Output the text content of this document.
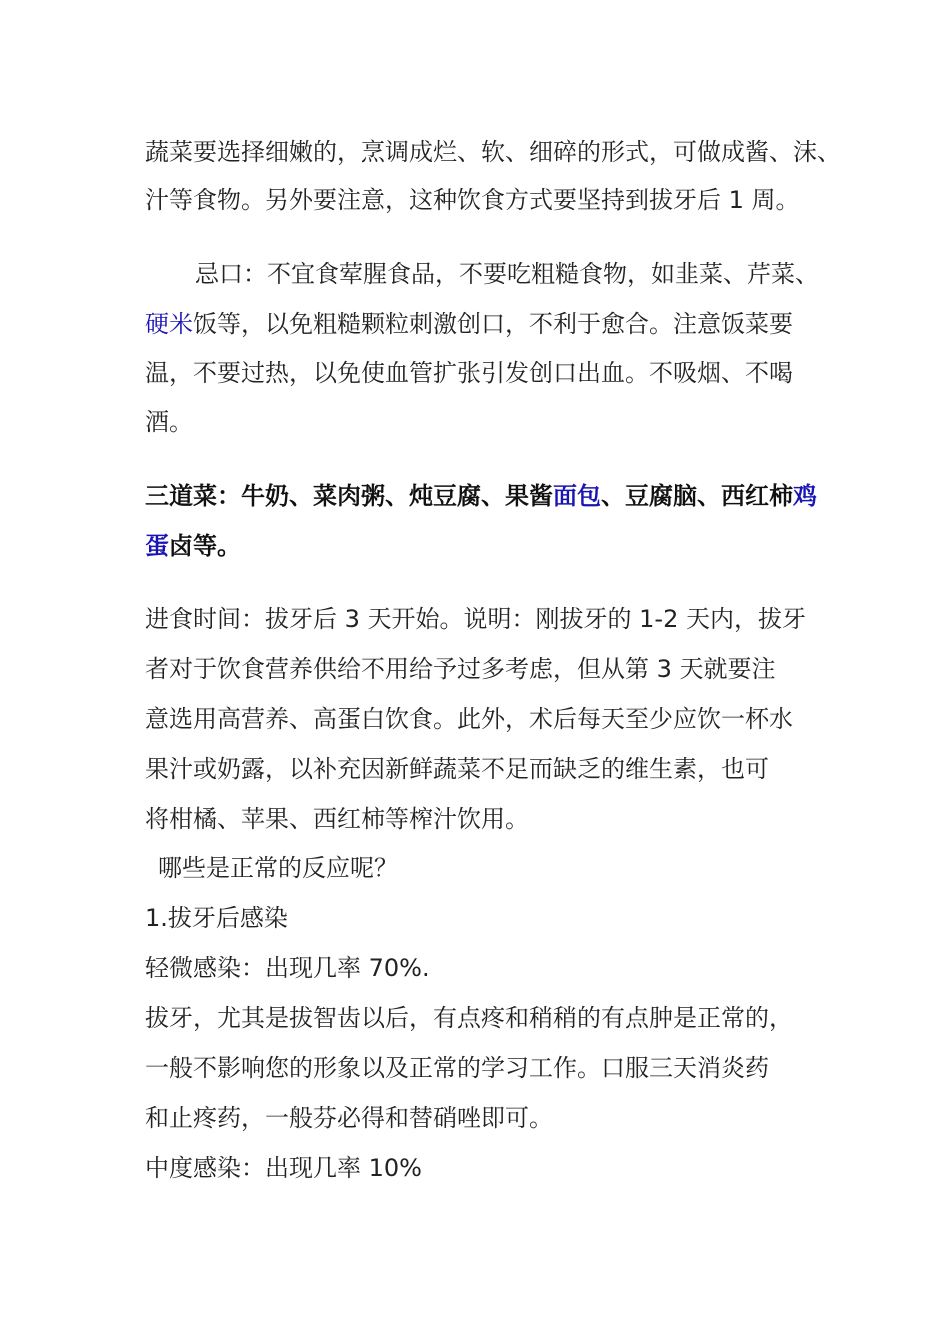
蔬菜要选择细嫩的，烹调成烂、软、细碎的形式，可做成酱、沫、
汁等食物。另外要注意，这种饮食方式要坚持到拔牙后 1 周。
忌口：不宜食荤腥食品，不要吃粗糙食物，如韭菜、芹菜、
硬米饭等，以免粗糙颗粒刺激创口，不利于愈合。注意饭菜要
温，不要过热，以免使血管扩张引发创口出血。不吸烟、不喝
酒。
三道菜：牛奶、菜肉粥、炖豆腐、果酱面包、豆腐脑、西红柿鸡
蛋卤等。
进食时间：拔牙后 3 天开始。说明：刚拔牙的 1-2 天内，拔牙
者对于饮食营养供给不用给予过多考虑，但从第 3 天就要注
意选用高营养、高蛋白饮食。此外，术后每天至少应饮一杯水
果汁或奶露，以补充因新鲜蔬菜不足而缺乏的维生素，也可
将柑橘、苹果、西红柿等榨汁饮用。
哪些是正常的反应呢？
1.拔牙后感染
轻微感染：出现几率 70%.
拔牙，尤其是拔智齿以后，有点疼和稍稍的有点肿是正常的，
一般不影响您的形象以及正常的学习工作。口服三天消炎药
和止疼药，一般芬必得和替硝唑即可。
中度感染：出现几率 10%
